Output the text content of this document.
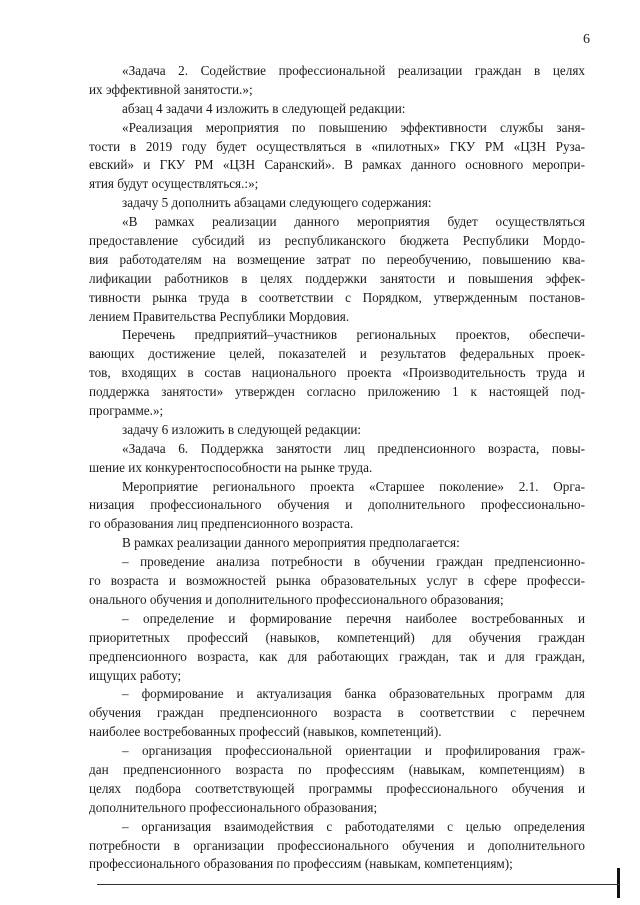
6
«Задача 2. Содействие профессиональной реализации граждан в целях
их эффективной занятости.»;
абзац 4 задачи 4 изложить в следующей редакции:
«Реализация мероприятия по повышению эффективности службы заня-
тости в 2019 году будет осуществляться в «пилотных» ГКУ РМ «ЦЗН Руза-
евский» и ГКУ РМ «ЦЗН Саранский». В рамках данного основного меропри-
ятия будут осуществляться.:»;
задачу 5 дополнить абзацами следующего содержания:
«В рамках реализации данного мероприятия будет осуществляться
предоставление субсидий из республиканского бюджета Республики Мордо-
вия работодателям на возмещение затрат по переобучению, повышению ква-
лификации работников в целях поддержки занятости и повышения эффек-
тивности рынка труда в соответствии с Порядком, утвержденным постанов-
лением Правительства Республики Мордовия.
Перечень предприятий–участников региональных проектов, обеспечи-
вающих достижение целей, показателей и результатов федеральных проек-
тов, входящих в состав национального проекта «Производительность труда и
поддержка занятости» утвержден согласно приложению 1 к настоящей под-
программе.»;
задачу 6 изложить в следующей редакции:
«Задача 6. Поддержка занятости лиц предпенсионного возраста, повы-
шение их конкурентоспособности на рынке труда.
Мероприятие регионального проекта «Старшее поколение» 2.1. Орга-
низация профессионального обучения и дополнительного профессионально-
го образования лиц предпенсионного возраста.
В рамках реализации данного мероприятия предполагается:
– проведение анализа потребности в обучении граждан предпенсионно-
го возраста и возможностей рынка образовательных услуг в сфере професси-
онального обучения и дополнительного профессионального образования;
– определение и формирование перечня наиболее востребованных и
приоритетных профессий (навыков, компетенций) для обучения граждан
предпенсионного возраста, как для работающих граждан, так и для граждан,
ищущих работу;
– формирование и актуализация банка образовательных программ для
обучения граждан предпенсионного возраста в соответствии с перечнем
наиболее востребованных профессий (навыков, компетенций).
– организация профессиональной ориентации и профилирования граж-
дан предпенсионного возраста по профессиям (навыкам, компетенциям) в
целях подбора соответствующей программы профессионального обучения и
дополнительного профессионального образования;
– организация взаимодействия с работодателями с целью определения
потребности в организации профессионального обучения и дополнительного
профессионального образования по профессиям (навыкам, компетенциям);
